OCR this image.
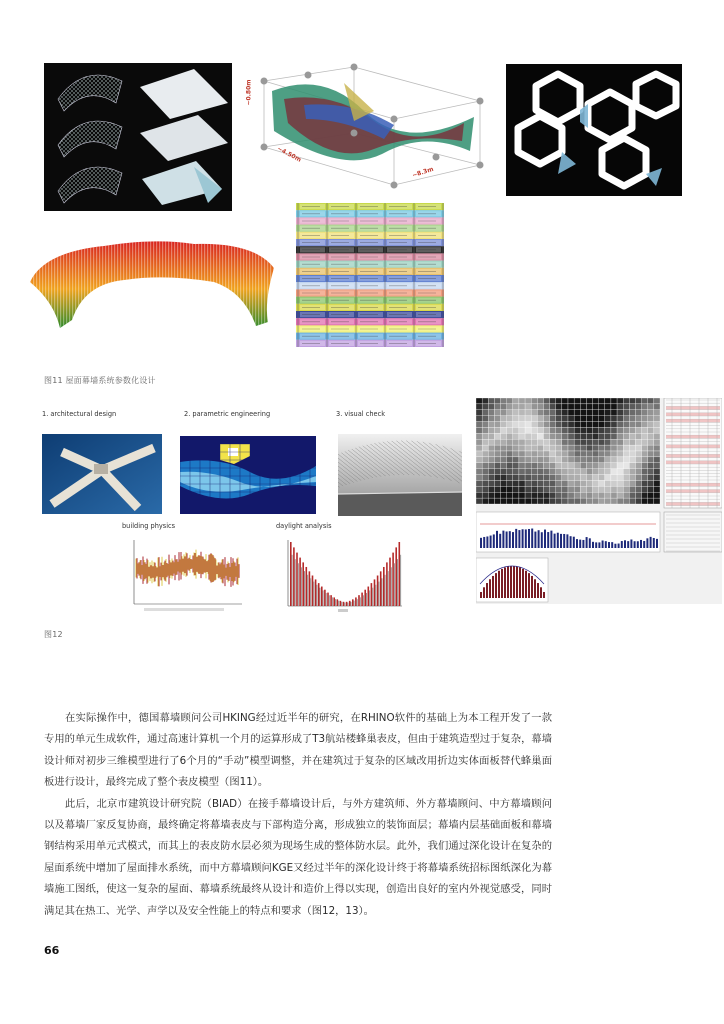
~0.80m
~4.50m
~8.3m
图11 屋面幕墙系统参数化设计
1. architectural design	2. parametric engineering	3. visual check
building physics	daylight analysis
图12

在实际操作中，德国幕墙顾问公司HKING经过近半年的研究，在RHINO软件的基础上为本工程开发了一款专用的单元生成软件，通过高速计算机一个月的运算形成了T3航站楼蜂巢表皮，但由于建筑造型过于复杂，幕墙设计师对初步三维模型进行了6个月的“手动”模型调整，并在建筑过于复杂的区域改用折边实体面板替代蜂巢面板进行设计，最终完成了整个表皮模型（图11）。

此后，北京市建筑设计研究院（BIAD）在接手幕墙设计后，与外方建筑师、外方幕墙顾问、中方幕墙顾问以及幕墙厂家反复协商，最终确定将幕墙表皮与下部构造分离，形成独立的装饰面层；幕墙内层基础面板和幕墙钢结构采用单元式模式，而其上的表皮防水层必须为现场生成的整体防水层。此外，我们通过深化设计在复杂的屋面系统中增加了屋面排水系统，而中方幕墙顾问KGE又经过半年的深化设计终于将幕墙系统招标图纸深化为幕墙施工图纸，使这一复杂的屋面、幕墙系统最终从设计和造价上得以实现，创造出良好的室内外视觉感受，同时满足其在热工、光学、声学以及安全性能上的特点和要求（图12，13）。

66
